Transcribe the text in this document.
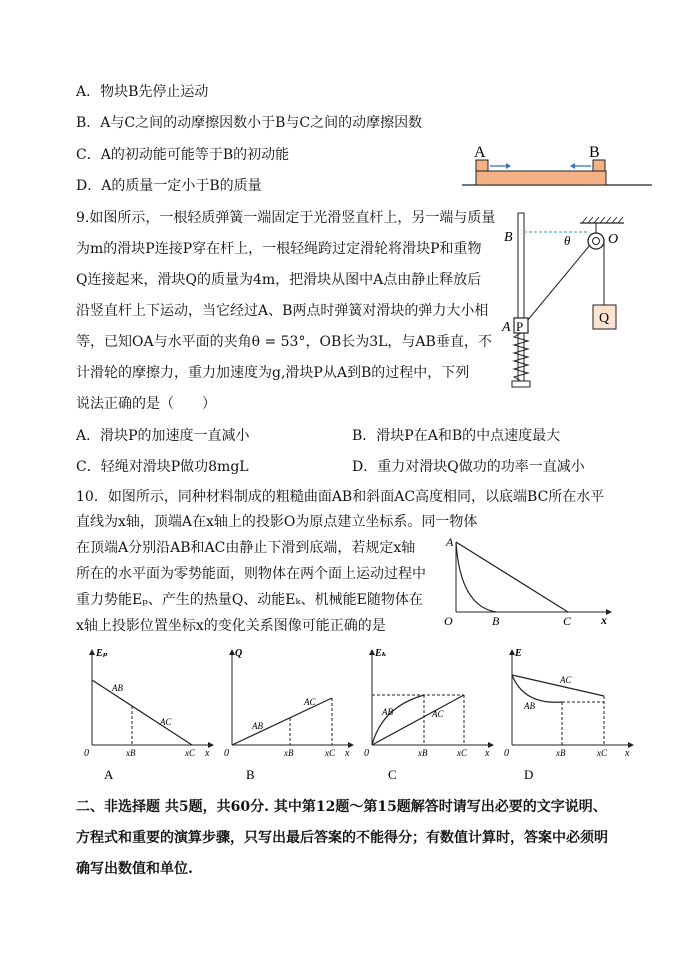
A．物块B先停止运动
B．A与C之间的动摩擦因数小于B与C之间的动摩擦因数
C．A的初动能可能等于B的初动能
D．A的质量一定小于B的质量
A	B
9.如图所示，一根轻质弹簧一端固定于光滑竖直杆上，另一端与质量
为m的滑块P连接P穿在杆上，一根轻绳跨过定滑轮将滑块P和重物
Q连接起来，滑块Q的质量为4m，把滑块从图中A点由静止释放后
沿竖直杆上下运动，当它经过A、B两点时弹簧对滑块的弹力大小相
等，已知OA与水平面的夹角θ = 53°，OB长为3L，与AB垂直，不
计滑轮的摩擦力，重力加速度为g,滑块P从A到B的过程中，下列
说法正确的是（　　）
A．滑块P的加速度一直减小	B．滑块P在A和B的中点速度最大
C．轻绳对滑块P做功8mgL	D．重力对滑块Q做功的功率一直减小
B	θ	O
Q
A P
10．如图所示，同种材料制成的粗糙曲面AB和斜面AC高度相同，以底端BC所在水平
直线为x轴，顶端A在x轴上的投影O为原点建立坐标系。同一物体
在顶端A分别沿AB和AC由静止下滑到底端，若规定x轴
所在的水平面为零势能面，则物体在两个面上运动过程中
重力势能Eₚ、产生的热量Q、动能Eₖ、机械能E随物体在
x轴上投影位置坐标x的变化关系图像可能正确的是
A
O	B	C x
Eₚ
AB
AC
0	xB	xC x
A
Q
AB
AC
0	xB	xC x
B
Eₖ
AB	AC
0	xB	xC x
C
E
AB
AC
0	xB	xC x
D
二、非选择题 共5题，共60分. 其中第12题～第15题解答时请写出必要的文字说明、
方程式和重要的演算步骤，只写出最后答案的不能得分；有数值计算时，答案中必须明
确写出数值和单位.
